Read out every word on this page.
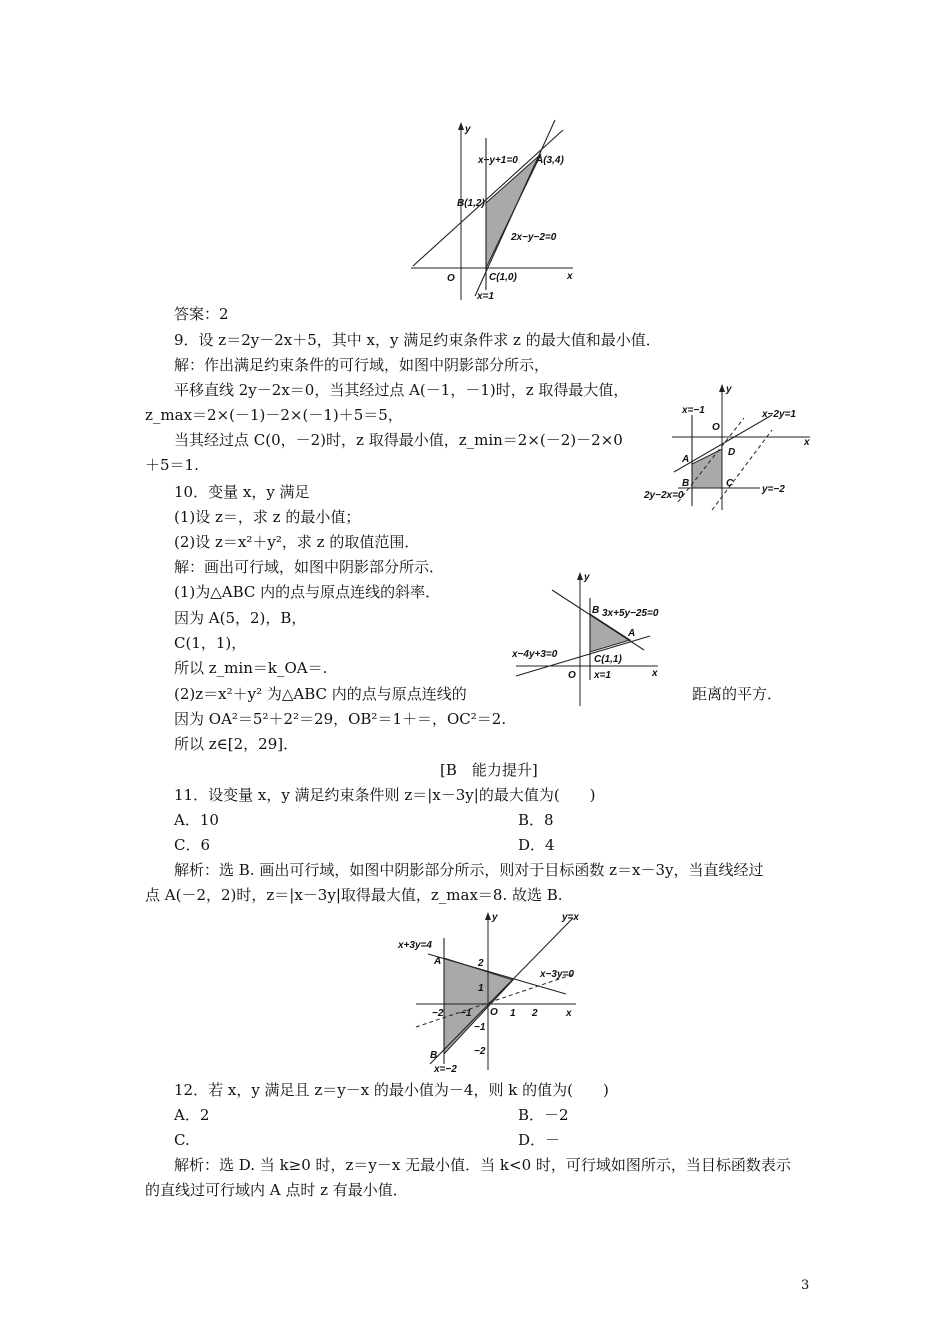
y
x
O
x−y+1=0 A(3,4)
B(1,2)
2x−y−2=0
C(1,0)
x=1
答案：2
9．设 z＝2y－2x＋5，其中 x，y 满足约束条件求 z 的最大值和最小值．
解：作出满足约束条件的可行域，如图中阴影部分所示，
平移直线 2y－2x＝0，当其经过点 A(－1，－1)时，z 取得最大值，
z_max＝2×(－1)－2×(－1)＋5＝5，
当其经过点 C(0，－2)时，z 取得最小值，z_min＝2×(－2)－2×0
＋5＝1.
y
x
x=−1
O
x−2y=1
A
D
B	C
y=−2
2y−2x=0
10．变量 x，y 满足
(1)设 z＝，求 z 的最小值；
(2)设 z＝x²＋y²，求 z 的取值范围．
解：画出可行域，如图中阴影部分所示．
(1)为△ABC 内的点与原点连线的斜率．
因为 A(5，2)，B，
C(1，1)，
所以 z_min＝k_OA＝.
(2)z＝x²＋y² 为△ABC 内的点与原点连线的	距离的平方．
因为 OA²＝5²＋2²＝29，OB²＝1＋＝，OC²＝2.
所以 z∈[2，29]．
y
B 3x+5y−25=0
A
x−4y+3=0	C(1,1)
O x=1	x
[B　能力提升]
11．设变量 x，y 满足约束条件则 z＝|x－3y|的最大值为(　　)
A．10	B．8
C．6	D．4
解析：选 B. 画出可行域，如图中阴影部分所示，则对于目标函数 z＝x－3y，当直线经过
点 A(－2，2)时，z＝|x－3y|取得最大值，z_max＝8. 故选 B.
y	y=x
x+3y=4
A	2
x−3y=0
1
−2 −1 O 1 2	x
−1
B	−2
x=−2
12．若 x，y 满足且 z＝y－x 的最小值为－4，则 k 的值为(　　)
A．2	B．－2
C.	D．－
解析：选 D. 当 k≥0 时，z＝y－x 无最小值．当 k<0 时，可行域如图所示，当目标函数表示
的直线过可行域内 A 点时 z 有最小值．
3
